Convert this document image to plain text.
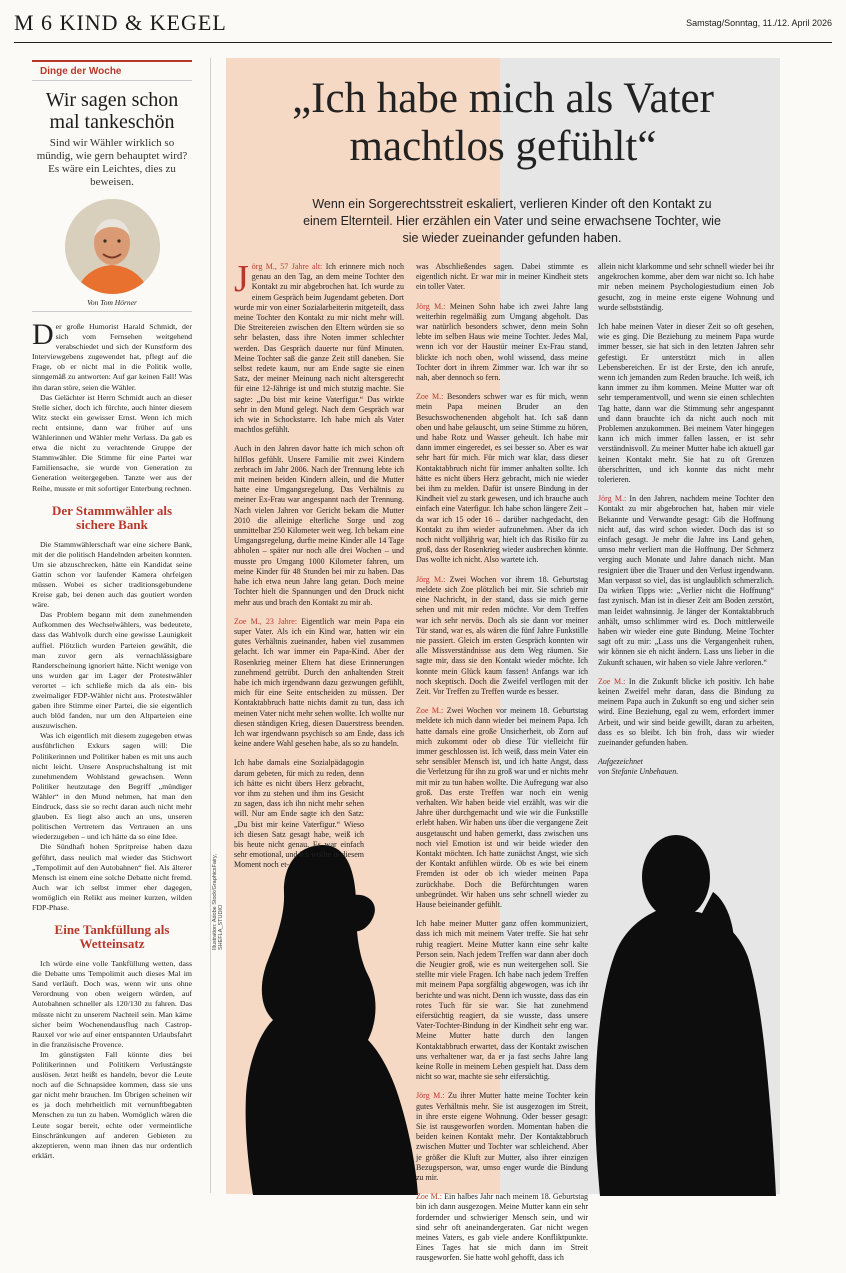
M 6 KIND & KEGEL	Samstag/Sonntag, 11./12. April 2026
Dinge der Woche
Wir sagen schon mal tankeschön
Sind wir Wähler wirklich so mündig, wie gern behauptet wird? Es wäre ein Leichtes, dies zu beweisen.
Von Tom Hörner

Der große Humorist Harald Schmidt, der sich vom Fernsehen weitgehend verabschiedet und sich der Kunstform des Interviewgebens zugewendet hat, pflegt auf die Frage, ob er nicht mal in die Politik wolle, sinngemäß zu antworten: Auf gar keinen Fall! Was ihn daran störe, seien die Wähler.

Das Gelächter ist Herrn Schmidt auch an dieser Stelle sicher, doch ich fürchte, auch hinter diesem Witz steckt ein gewisser Ernst. Wenn ich mich recht entsinne, dann war früher auf uns Wählerinnen und Wähler mehr Verlass. Da gab es etwa die nicht zu verachtende Gruppe der Stammwähler. Die Stimme für eine Partei war Familiensache, sie wurde von Generation zu Generation weitergegeben. Tanzte wer aus der Reihe, musste er mit sofortiger Enterbung rechnen.

Der Stammwähler als sichere Bank

Die Stammwählerschaft war eine sichere Bank, mit der die politisch Handelnden arbeiten konnten. Um sie abzuschrecken, hätte ein Kandidat seine Gattin schon vor laufender Kamera ohrfeigen müssen. Wobei es sicher traditionsgebundene Kreise gab, bei denen auch das goutiert worden wäre.

Das Problem begann mit dem zunehmenden Aufkommen des Wechselwählers, was bedeutete, dass das Wahlvolk durch eine gewisse Launigkeit auffiel. Plötzlich wurden Parteien gewählt, die man zuvor gern als vernachlässigbare Randerscheinung ignoriert hätte. Nicht wenige von uns wurden gar im Lager der Protestwähler verortet – ich schließe mich da als ein- bis zweimaliger FDP-Wähler nicht aus. Protestwähler gaben ihre Stimme einer Partei, die sie eigentlich auch blöd fanden, nur um den Altparteien eine auszuwischen.

Was ich eigentlich mit diesem zugegeben etwas ausführlichen Exkurs sagen will: Die Politikerinnen und Politiker haben es mit uns auch nicht leicht. Unsere Anspruchshaltung ist mit zunehmendem Wohlstand gewachsen. Wenn Politiker heutzutage den Begriff „mündiger Wähler“ in den Mund nehmen, hat man den Eindruck, dass sie so recht daran auch nicht mehr glauben. Es liegt also auch an uns, unseren politischen Vertretern das Vertrauen an uns wiederzugeben – und ich hätte da so eine Idee.

Die Sündhaft hohen Spritpreise haben dazu geführt, dass neulich mal wieder das Stichwort „Tempolimit auf den Autobahnen“ fiel. Als älterer Mensch ist einem eine solche Debatte nicht fremd. Auch war ich selbst immer eher dagegen, womöglich ein Relikt aus meiner kurzen, wilden FDP-Phase.

Eine Tankfüllung als Wetteinsatz

Ich würde eine volle Tankfüllung wetten, dass die Debatte ums Tempolimit auch dieses Mal im Sand verläuft. Doch was, wenn wir uns ohne Verordnung von oben weigern würden, auf Autobahnen schneller als 120/130 zu fahren. Das müsste nicht zu unserem Nachteil sein. Man käme sicher beim Wochenendausflug nach Castrop-Rauxel vor wie auf einer entspannten Urlaubsfahrt in die französische Provence.

Im günstigsten Fall könnte dies bei Politikerinnen und Politikern Verlustängste auslösen. Jetzt heißt es handeln, bevor die Leute noch auf die Schnapsidee kommen, dass sie uns gar nicht mehr brauchen. Im Übrigen scheinen wir es ja doch mehrheitlich mit vernunftbegabten Menschen zu tun zu haben. Womöglich wären die Leute sogar bereit, echte oder vermeintliche Einschränkungen auf anderen Gebieten zu akzeptieren, wenn man ihnen das nur ordentlich erklärt.

„Ich habe mich als Vater
machtlos gefühlt“
Wenn ein Sorgerechtsstreit eskaliert, verlieren Kinder oft den Kontakt zu einem Elternteil. Hier erzählen ein Vater und seine erwachsene Tochter, wie sie wieder zueinander gefunden haben.

Jörg M., 57 Jahre alt: Ich erinnere mich noch genau an den Tag, an dem meine Tochter den Kontakt zu mir abgebrochen hat. Ich wurde zu einem Gespräch beim Jugendamt gebeten. Dort wurde mir von einer Sozialarbeiterin mitgeteilt, dass meine Tochter den Kontakt zu mir nicht mehr will. Die Streitereien zwischen den Eltern würden sie so sehr belasten, dass ihre Noten immer schlechter werden. Das Gespräch dauerte nur fünf Minuten. Meine Tochter saß die ganze Zeit still daneben. Sie selbst redete kaum, nur am Ende sagte sie einen Satz, der meiner Meinung nach nicht altersgerecht für eine 12-Jährige ist und mich stutzig machte. Sie sagte: „Du bist mir keine Vaterfigur.“ Das wirkte sehr in den Mund gelegt. Nach dem Gespräch war ich wie in Schockstarre. Ich habe mich als Vater machtlos gefühlt.

Auch in den Jahren davor hatte ich mich schon oft hilflos gefühlt. Unsere Familie mit zwei Kindern zerbrach im Jahr 2006. Nach der Trennung lebte ich mit meinen beiden Kindern allein, und die Mutter hatte eine Umgangsregelung. Das Verhältnis zu meiner Ex-Frau war angespannt nach der Trennung. Nach vielen Jahren vor Gericht bekam die Mutter 2010 die alleinige elterliche Sorge und zog unmittelbar 250 Kilometer weit weg. Ich bekam eine Umgangsregelung, durfte meine Kinder alle 14 Tage abholen – später nur noch alle drei Wochen – und musste pro Umgang 1000 Kilometer fahren, um meine Kinder für 48 Stunden bei mir zu haben. Das habe ich etwa neun Jahre lang getan. Doch meine Tochter hielt die Spannungen und den Druck nicht mehr aus und brach den Kontakt zu mir ab.

Zoe M., 23 Jahre: Eigentlich war mein Papa ein super Vater. Als ich ein Kind war, hatten wir ein gutes Verhältnis zueinander, haben viel zusammen gelacht. Ich war immer ein Papa-Kind. Aber der Rosenkrieg meiner Eltern hat diese Erinnerungen zunehmend getrübt. Durch den anhaltenden Streit habe ich mich irgendwann dazu gezwungen gefühlt, mich für eine Seite entscheiden zu müssen. Der Kontaktabbruch hatte nichts damit zu tun, dass ich meinen Vater nicht mehr sehen wollte. Ich wollte nur diesen ständigen Krieg, diesen Dauerstress beenden. Ich war irgendwann psychisch so am Ende, dass ich keine andere Wahl gesehen habe, als so zu handeln.

Ich habe damals eine Sozialpädagogin darum gebeten, für mich zu reden, denn ich hätte es nicht übers Herz gebracht, vor ihm zu stehen und ihm ins Gesicht zu sagen, dass ich ihn nicht mehr sehen will. Nur am Ende sagte ich den Satz: „Du bist mir keine Vaterfigur.“ Wieso ich diesen Satz gesagt habe, weiß ich bis heute nicht genau. Es war einfach sehr emotional, und ich wollte in diesem Moment noch et-

was Abschließendes sagen. Dabei stimmte es eigentlich nicht. Er war mir in meiner Kindheit stets ein toller Vater.

Jörg M.: Meinen Sohn habe ich zwei Jahre lang weiterhin regelmäßig zum Umgang abgeholt. Das war natürlich besonders schwer, denn mein Sohn lebte im selben Haus wie meine Tochter. Jedes Mal, wenn ich vor der Haustür meiner Ex-Frau stand, blickte ich noch oben, wohl wissend, dass meine Tochter dort in ihrem Zimmer war. Ich war ihr so nah, aber dennoch so fern.

Zoe M.: Besonders schwer war es für mich, wenn mein Papa meinen Bruder an den Besuchswochenenden abgeholt hat. Ich saß dann oben und habe gelauscht, um seine Stimme zu hören, und habe Rotz und Wasser geheult. Ich habe mir dann immer eingeredet, es sei besser so. Aber es war sehr hart für mich. Für mich war klar, dass dieser Kontaktabbruch nicht für immer anhalten sollte. Ich hätte es nicht übers Herz gebracht, mich nie wieder bei ihm zu melden. Dafür ist unsere Bindung in der Kindheit viel zu stark gewesen, und ich brauche auch einfach eine Vaterfigur. Ich habe schon längere Zeit – da war ich 15 oder 16 – darüber nachgedacht, den Kontakt zu ihm wieder aufzunehmen. Aber da ich noch nicht volljährig war, hielt ich das Risiko für zu groß, dass der Rosenkrieg wieder ausbrechen könnte. Das wollte ich nicht. Also wartete ich.

Jörg M.: Zwei Wochen vor ihrem 18. Geburtstag meldete sich Zoe plötzlich bei mir. Sie schrieb mir eine Nachricht, in der stand, dass sie mich gerne sehen und mit mir reden möchte. Vor dem Treffen war ich sehr nervös. Doch als sie dann vor meiner Tür stand, war es, als wären die fünf Jahre Funkstille nie passiert. Gleich im ersten Gespräch konnten wir alle Missverständnisse aus dem Weg räumen. Sie sagte mir, dass sie den Kontakt wieder möchte. Ich konnte mein Glück kaum fassen! Anfangs war ich noch skeptisch. Doch die Zweifel verflogen mit der Zeit. Vor Treffen zu Treffen wurde es besser.

Zoe M.: Zwei Wochen vor meinem 18. Geburtstag meldete ich mich dann wieder bei meinem Papa. Ich hatte damals eine große Unsicherheit, ob Zorn auf mich zukommt oder ob diese Tür vielleicht für immer geschlossen ist. Ich weiß, dass mein Vater ein sehr sensibler Mensch ist, und ich hatte Angst, dass die Verletzung für ihn zu groß war und er nichts mehr mit mir zu tun haben wollte. Die Aufregung war also groß. Das erste Treffen war noch ein wenig verhalten. Wir haben beide viel erzählt, was wir die Jahre über durchgemacht und wie wir die Funkstille erlebt haben. Wir haben uns über die vergangene Zeit ausgetauscht und haben gemerkt, dass zwischen uns noch viel Emotion ist und wir beide wieder den Kontakt möchten. Ich hatte zunächst Angst, wie sich der Kontakt anfühlen würde. Ob es wie bei einem Fremden ist oder ob ich wieder meinen Papa zurückhabe. Doch die Befürchtungen waren unbegründet. Wir haben uns sehr schnell wieder zu Hause beieinander gefühlt.

Ich habe meiner Mutter ganz offen kommuniziert, dass ich mich mit meinem Vater treffe. Sie hat sehr ruhig reagiert. Meine Mutter kann eine sehr kalte Person sein. Nach jedem Treffen war dann aber doch die Neugier groß, wie es nun weitergehen soll. Sie stellte mir viele Fragen. Ich habe nach jedem Treffen mit meinem Papa sorgfältig abgewogen, was ich ihr berichte und was nicht. Denn ich wusste, dass das ein rotes Tuch für sie war. Sie hat zunehmend eifersüchtig reagiert, da sie wusste, dass unsere Vater-Tochter-Bindung in der Kindheit sehr eng war. Meine Mutter hatte durch den langen Kontaktabbruch erwartet, dass der Kontakt zwischen uns verhaltener war, da er ja fast sechs Jahre lang keine Rolle in meinem Leben gespielt hat. Dass dem nicht so war, machte sie sehr eifersüchtig.

Jörg M.: Zu ihrer Mutter hatte meine Tochter kein gutes Verhältnis mehr. Sie ist ausgezogen im Streit, in ihre erste eigene Wohnung. Oder besser gesagt: Sie ist rausgeworfen worden. Momentan haben die beiden keinen Kontakt mehr. Der Kontaktabbruch zwischen Mutter und Tochter war schleichend. Aber je größer die Kluft zur Mutter, also ihrer einzigen Bezugsperson, war, umso enger wurde die Bindung zu mir.

Zoe M.: Ein halbes Jahr nach meinem 18. Geburtstag bin ich dann ausgezogen. Meine Mutter kann ein sehr fordernder und schwieriger Mensch sein, und wir sind sehr oft aneinandergeraten. Gar nicht wegen meines Vaters, es gab viele andere Konfliktpunkte. Eines Tages hat sie mich dann im Streit rausgeworfen. Sie hatte wohl gehofft, dass ich

allein nicht klarkomme und sehr schnell wieder bei ihr angekrochen komme, aber dem war nicht so. Ich habe mir neben meinem Psychologiestudium einen Job gesucht, zog in meine erste eigene Wohnung und wurde selbstständig.

Ich habe meinen Vater in dieser Zeit so oft gesehen, wie es ging. Die Beziehung zu meinem Papa wurde immer besser, sie hat sich in den letzten Jahren sehr gefestigt. Er unterstützt mich in allen Lebensbereichen. Er ist der Erste, den ich anrufe, wenn ich jemanden zum Reden brauche. Ich weiß, ich kann immer zu ihm kommen. Meine Mutter war oft sehr temperamentvoll, und wenn sie einen schlechten Tag hatte, dann war die Stimmung sehr angespannt und dann brauchte ich da nicht auch noch mit Problemen anzukommen. Bei meinem Vater hingegen kann ich mich immer fallen lassen, er ist sehr verständnisvoll. Zu meiner Mutter habe ich aktuell gar keinen Kontakt mehr. Sie hat zu oft Grenzen überschritten, und ich konnte das nicht mehr tolerieren.

Jörg M.: In den Jahren, nachdem meine Tochter den Kontakt zu mir abgebrochen hat, haben mir viele Bekannte und Verwandte gesagt: Gib die Hoffnung nicht auf, das wird schon wieder. Doch das ist so einfach gesagt. Je mehr die Jahre ins Land gehen, umso mehr verliert man die Hoffnung. Der Schmerz verging auch Monate und Jahre danach nicht. Man resigniert über die Trauer und den Verlust irgendwann. Man verpasst so viel, das ist unglaublich schmerzlich. Da wirken Tipps wie: „Verlier nicht die Hoffnung“ fast zynisch. Man ist in dieser Zeit am Boden zerstört, man leidet wahnsinnig. Je länger der Kontaktabbruch anhält, umso schlimmer wird es. Doch mittlerweile haben wir wieder eine gute Bindung. Meine Tochter sagt oft zu mir: „Lass uns die Vergangenheit ruhen, wir können sie eh nicht ändern. Lass uns lieber in die Zukunft schauen, wir haben so viele Jahre verloren.“

Zoe M.: In die Zukunft blicke ich positiv. Ich habe keinen Zweifel mehr daran, dass die Bindung zu meinem Papa auch in Zukunft so eng und sicher sein wird. Eine Beziehung, egal zu wem, erfordert immer Arbeit, und wir sind beide gewillt, daran zu arbeiten, dass es so bleibt. Ich bin froh, dass wir wieder zueinander gefunden haben.

Aufgezeichnet
von Stefanie Unbehauen.
Illustration: Adobe Stock/GraphicsFairy, SHEFLA_STUDIO
